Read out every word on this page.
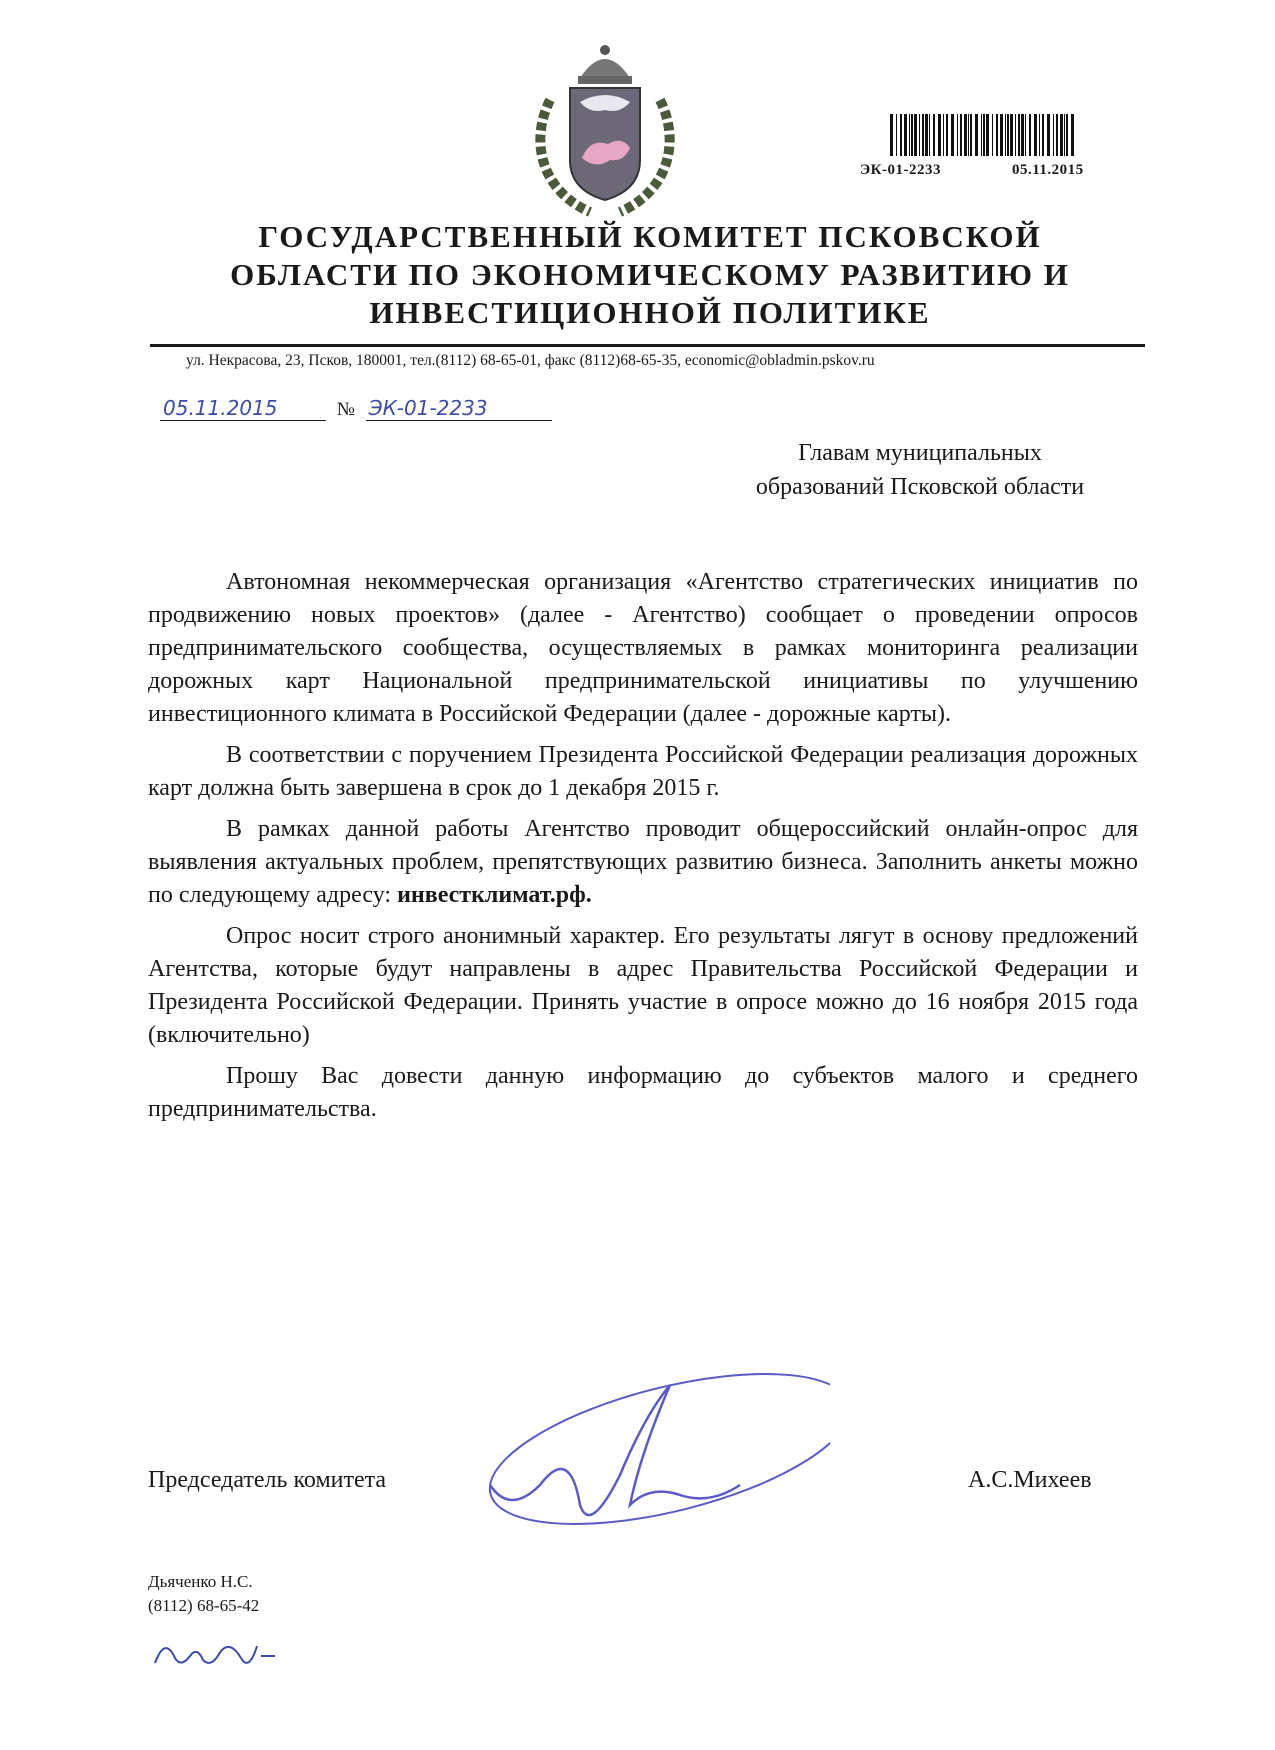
ЭК-01-2233	05.11.2015
ГОСУДАРСТВЕННЫЙ КОМИТЕТ ПСКОВСКОЙ
ОБЛАСТИ ПО ЭКОНОМИЧЕСКОМУ РАЗВИТИЮ И
ИНВЕСТИЦИОННОЙ ПОЛИТИКЕ
ул. Некрасова, 23, Псков, 180001, тел.(8112) 68-65-01, факс (8112)68-65-35, economic@obladmin.pskov.ru
05.11.2015	№ ЭК-01-2233
Главам муниципальных
образований Псковской области

Автономная некоммерческая организация «Агентство стратегических инициатив по продвижению новых проектов» (далее - Агентство) сообщает о проведении опросов предпринимательского сообщества, осуществляемых в рамках мониторинга реализации дорожных карт Национальной предпринимательской инициативы по улучшению инвестиционного климата в Российской Федерации (далее - дорожные карты).

В соответствии с поручением Президента Российской Федерации реализация дорожных карт должна быть завершена в срок до 1 декабря 2015 г.

В рамках данной работы Агентство проводит общероссийский онлайн-опрос для выявления актуальных проблем, препятствующих развитию бизнеса. Заполнить анкеты можно по следующему адресу: инвестклимат.рф.

Опрос носит строго анонимный характер. Его результаты лягут в основу предложений Агентства, которые будут направлены в адрес Правительства Российской Федерации и Президента Российской Федерации. Принять участие в опросе можно до 16 ноября 2015 года (включительно)

Прошу Вас довести данную информацию до субъектов малого и среднего предпринимательства.

Председатель комитета	А.С.Михеев
Дьяченко Н.С.
(8112) 68-65-42
